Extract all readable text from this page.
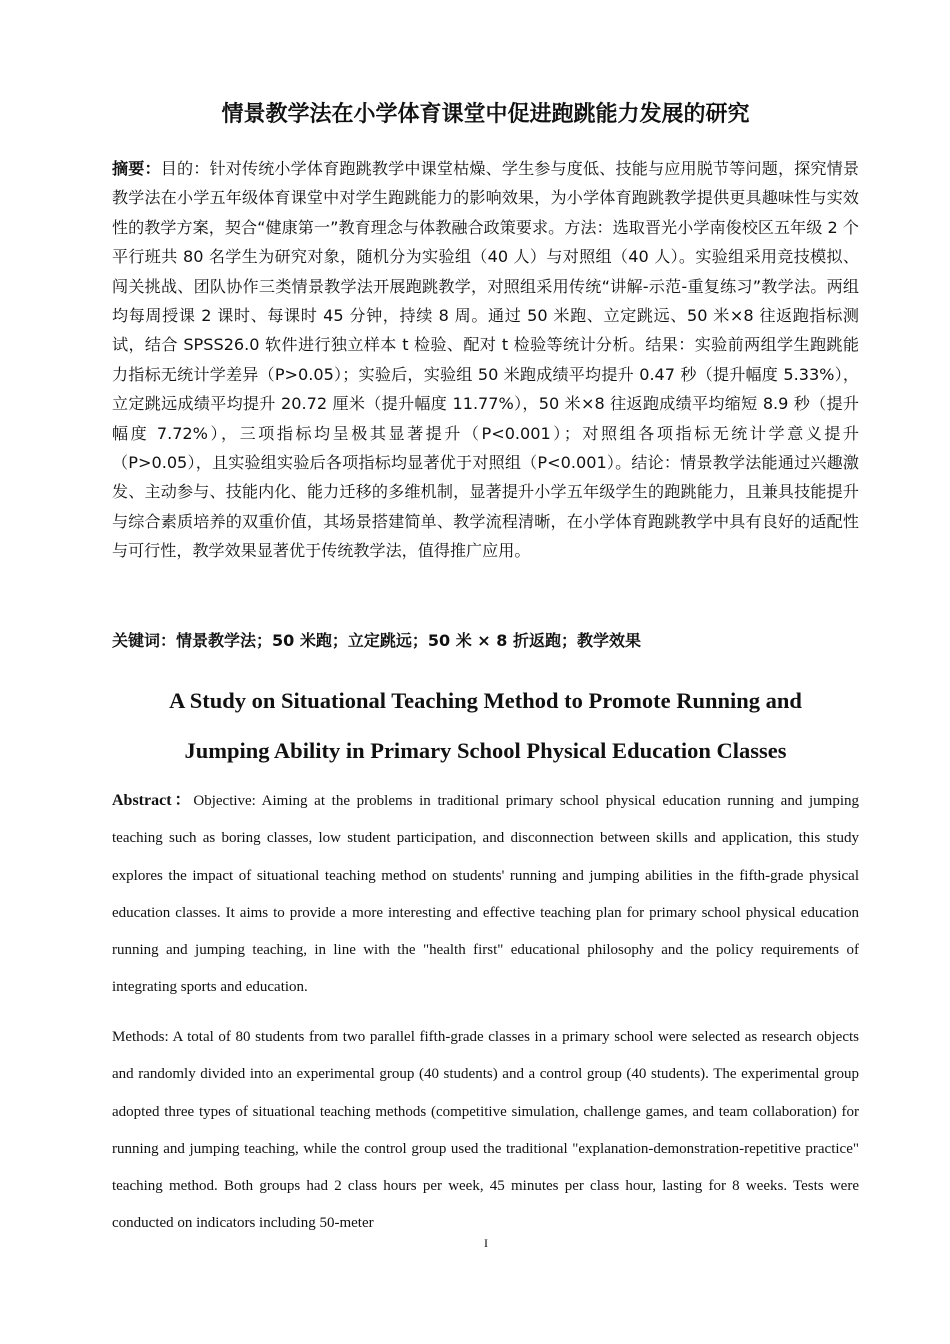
情景教学法在小学体育课堂中促进跑跳能力发展的研究

摘要：目的：针对传统小学体育跑跳教学中课堂枯燥、学生参与度低、技能与应用脱节等问题，探究情景教学法在小学五年级体育课堂中对学生跑跳能力的影响效果，为小学体育跑跳教学提供更具趣味性与实效性的教学方案，契合“健康第一”教育理念与体教融合政策要求。方法：选取晋光小学南俊校区五年级 2 个平行班共 80 名学生为研究对象，随机分为实验组（40 人）与对照组（40 人）。实验组采用竞技模拟、闯关挑战、团队协作三类情景教学法开展跑跳教学，对照组采用传统“讲解-示范-重复练习”教学法。两组均每周授课 2 课时、每课时 45 分钟，持续 8 周。通过 50 米跑、立定跳远、50 米×8 往返跑指标测试，结合 SPSS26.0 软件进行独立样本 t 检验、配对 t 检验等统计分析。结果：实验前两组学生跑跳能力指标无统计学差异（P>0.05）；实验后，实验组 50 米跑成绩平均提升 0.47 秒（提升幅度 5.33%），立定跳远成绩平均提升 20.72 厘米（提升幅度 11.77%），50 米×8 往返跑成绩平均缩短 8.9 秒（提升幅度 7.72%），三项指标均呈极其显著提升（P<0.001）；对照组各项指标无统计学意义提升（P>0.05），且实验组实验后各项指标均显著优于对照组（P<0.001）。结论：情景教学法能通过兴趣激发、主动参与、技能内化、能力迁移的多维机制，显著提升小学五年级学生的跑跳能力，且兼具技能提升与综合素质培养的双重价值，其场景搭建简单、教学流程清晰，在小学体育跑跳教学中具有良好的适配性与可行性，教学效果显著优于传统教学法，值得推广应用。

关键词：情景教学法；50 米跑；立定跳远；50 米 × 8 折返跑；教学效果

A Study on Situational Teaching Method to Promote Running and
Jumping Ability in Primary School Physical Education Classes

Abstract：Objective: Aiming at the problems in traditional primary school physical education running and jumping teaching such as boring classes, low student participation, and disconnection between skills and application, this study explores the impact of situational teaching method on students' running and jumping abilities in the fifth-grade physical education classes. It aims to provide a more interesting and effective teaching plan for primary school physical education running and jumping teaching, in line with the "health first" educational philosophy and the policy requirements of integrating sports and education.

Methods: A total of 80 students from two parallel fifth-grade classes in a primary school were selected as research objects and randomly divided into an experimental group (40 students) and a control group (40 students). The experimental group adopted three types of situational teaching methods (competitive simulation, challenge games, and team collaboration) for running and jumping teaching, while the control group used the traditional "explanation-demonstration-repetitive practice" teaching method. Both groups had 2 class hours per week, 45 minutes per class hour, lasting for 8 weeks. Tests were conducted on indicators including 50-meter

I
